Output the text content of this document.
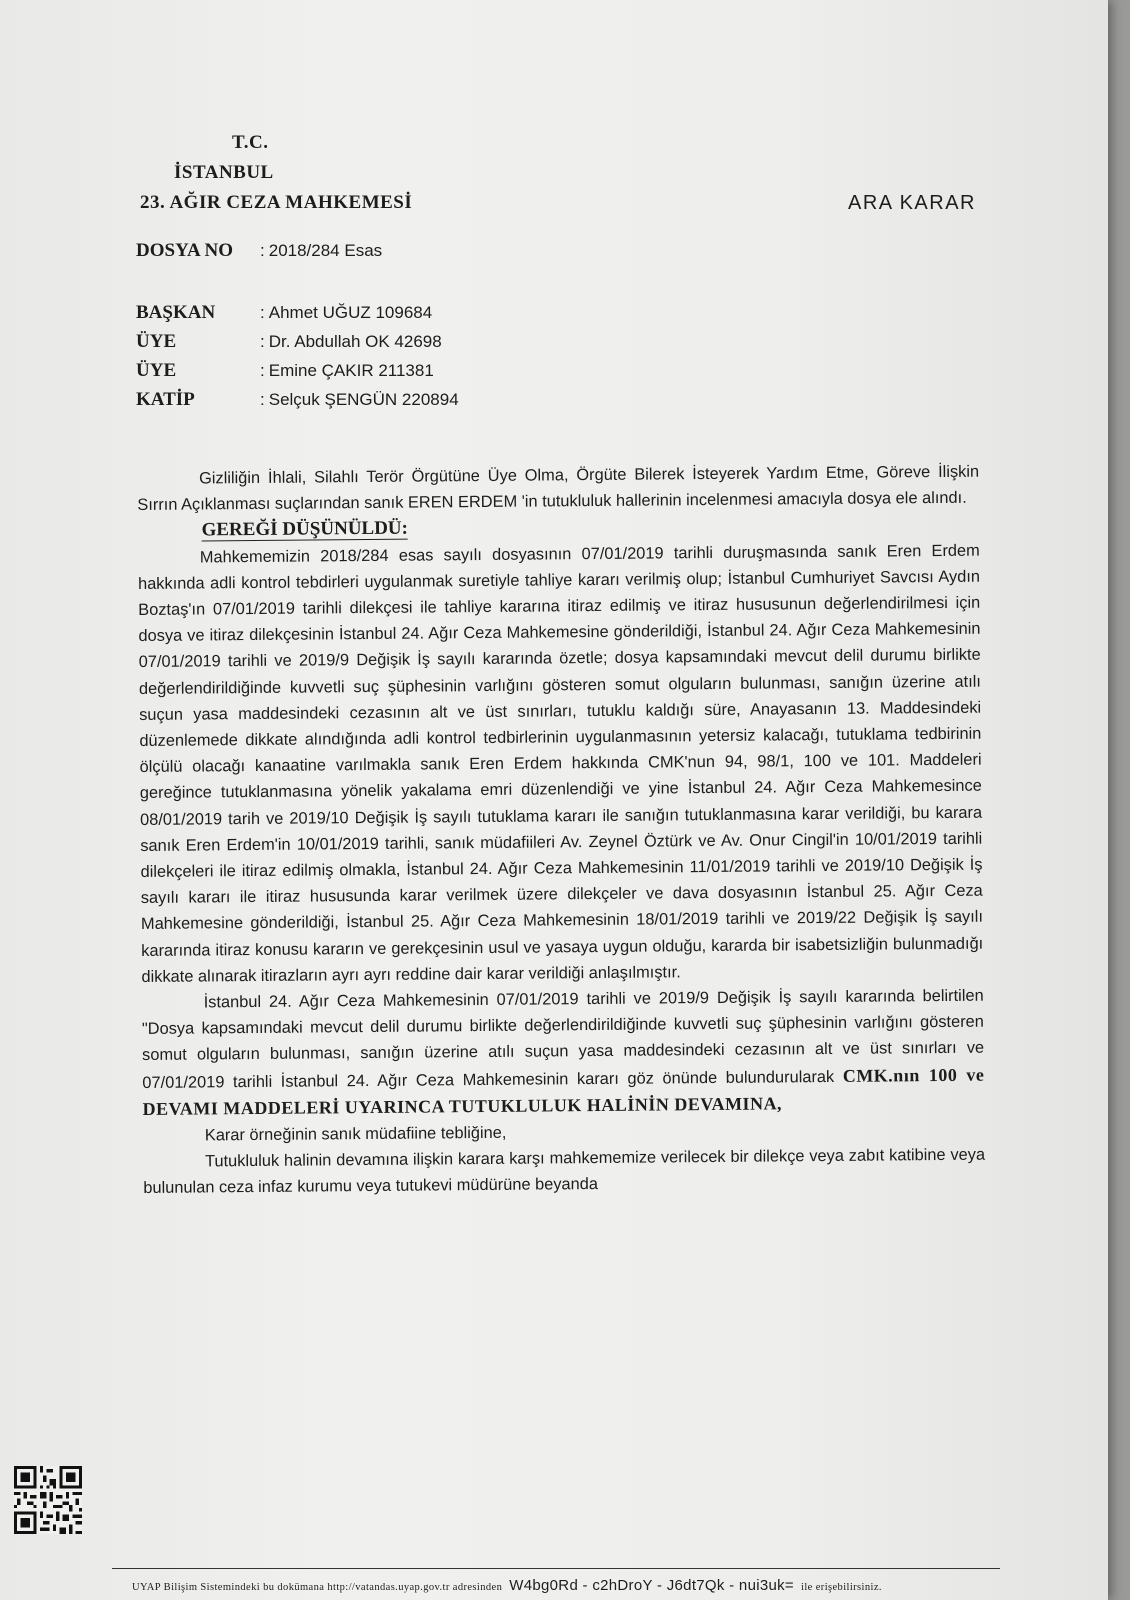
T.C.
İSTANBUL
23. AĞIR CEZA MAHKEMESİ	ARA KARAR
DOSYA NO : 2018/284 Esas
BAŞKAN	: Ahmet UĞUZ 109684
ÜYE	: Dr. Abdullah OK 42698
ÜYE	: Emine ÇAKIR 211381
KATİP	: Selçuk ŞENGÜN 220894

Gizliliğin İhlali, Silahlı Terör Örgütüne Üye Olma, Örgüte Bilerek İsteyerek Yardım Etme, Göreve İlişkin Sırrın Açıklanması suçlarından sanık EREN ERDEM 'in tutukluluk hallerinin incelenmesi amacıyla dosya ele alındı.

GEREĞİ DÜŞÜNÜLDÜ:

Mahkememizin 2018/284 esas sayılı dosyasının 07/01/2019 tarihli duruşmasında sanık Eren Erdem hakkında adli kontrol tebdirleri uygulanmak suretiyle tahliye kararı verilmiş olup; İstanbul Cumhuriyet Savcısı Aydın Boztaş'ın 07/01/2019 tarihli dilekçesi ile tahliye kararına itiraz edilmiş ve itiraz hususunun değerlendirilmesi için dosya ve itiraz dilekçesinin İstanbul 24. Ağır Ceza Mahkemesine gönderildiği, İstanbul 24. Ağır Ceza Mahkemesinin 07/01/2019 tarihli ve 2019/9 Değişik İş sayılı kararında özetle; dosya kapsamındaki mevcut delil durumu birlikte değerlendirildiğinde kuvvetli suç şüphesinin varlığını gösteren somut olguların bulunması, sanığın üzerine atılı suçun yasa maddesindeki cezasının alt ve üst sınırları, tutuklu kaldığı süre, Anayasanın 13. Maddesindeki düzenlemede dikkate alındığında adli kontrol tedbirlerinin uygulanmasının yetersiz kalacağı, tutuklama tedbirinin ölçülü olacağı kanaatine varılmakla sanık Eren Erdem hakkında CMK'nun 94, 98/1, 100 ve 101. Maddeleri gereğince tutuklanmasına yönelik yakalama emri düzenlendiği ve yine İstanbul 24. Ağır Ceza Mahkemesince 08/01/2019 tarih ve 2019/10 Değişik İş sayılı tutuklama kararı ile sanığın tutuklanmasına karar verildiği, bu karara sanık Eren Erdem'in 10/01/2019 tarihli, sanık müdafiileri Av. Zeynel Öztürk ve Av. Onur Cingil'in 10/01/2019 tarihli dilekçeleri ile itiraz edilmiş olmakla, İstanbul 24. Ağır Ceza Mahkemesinin 11/01/2019 tarihli ve 2019/10 Değişik İş sayılı kararı ile itiraz hususunda karar verilmek üzere dilekçeler ve dava dosyasının İstanbul 25. Ağır Ceza Mahkemesine gönderildiği, İstanbul 25. Ağır Ceza Mahkemesinin 18/01/2019 tarihli ve 2019/22 Değişik İş sayılı kararında itiraz konusu kararın ve gerekçesinin usul ve yasaya uygun olduğu, kararda bir isabetsizliğin bulunmadığı dikkate alınarak itirazların ayrı ayrı reddine dair karar verildiği anlaşılmıştır.

İstanbul 24. Ağır Ceza Mahkemesinin 07/01/2019 tarihli ve 2019/9 Değişik İş sayılı kararında belirtilen "Dosya kapsamındaki mevcut delil durumu birlikte değerlendirildiğinde kuvvetli suç şüphesinin varlığını gösteren somut olguların bulunması, sanığın üzerine atılı suçun yasa maddesindeki cezasının alt ve üst sınırları ve 07/01/2019 tarihli İstanbul 24. Ağır Ceza Mahkemesinin kararı göz önünde bulundurularak CMK.nın 100 ve DEVAMI MADDELERİ UYARINCA TUTUKLULUK HALİNİN DEVAMINA,

Karar örneğinin sanık müdafiine tebliğine,

Tutukluluk halinin devamına ilişkin karara karşı mahkememize verilecek bir dilekçe veya zabıt katibine veya bulunulan ceza infaz kurumu veya tutukevi müdürüne beyanda

UYAP Bilişim Sistemindeki bu dokümana http://vatandas.uyap.gov.tr adresinden W4bg0Rd - c2hDroY - J6dt7Qk - nui3uk= ile erişebilirsiniz.
